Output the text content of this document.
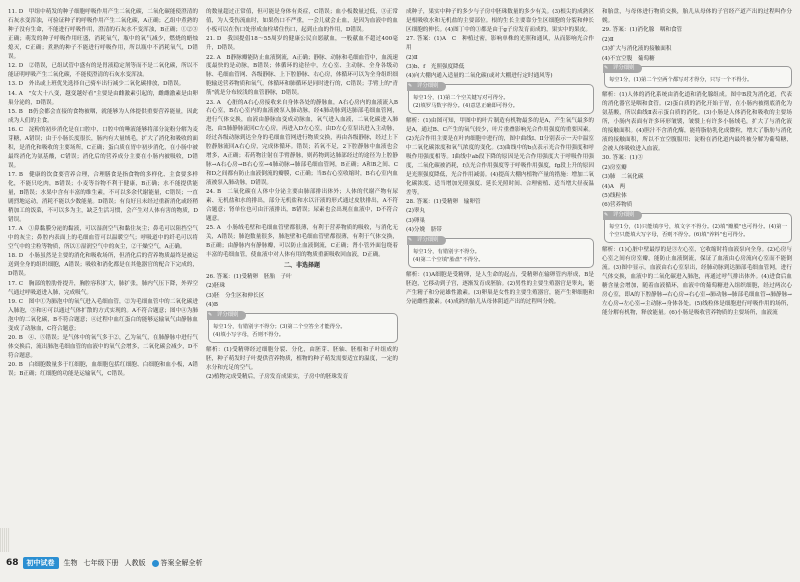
11. D　甲组中萌发的种子细胞呼吸作用产生二氧化碳，二氧化碳能使澄清的石灰水变浑浊，可验证种子的呼吸作用产生二氧化碳，A正确；乙组中煮熟的种子没有生命，不能进行呼吸作用，澄清的石灰水不变浑浊，B正确；①②③正确；萌发的种子呼吸作用旺盛，消耗氧气，瓶中的氧气减少，燃烧的蜡烛熄灭，C正确；煮熟的种子不能进行呼吸作用，所以瓶中不消耗氧气，D错误。

12. D　②错误，已组试管中盛有的是胃液稳定剂等而不是二氧化碳，所以不能证明呼吸产生二氧化碳，不能使澄清的石灰水变浑浊。

13. D　外出或上班优先选择自己骑车出行减少二氧化碳排放，D错误。

14. A　"女大十八变，越变越好看"主要是由雌激素引起的，雌雌激素是由卵巢分泌的，D错误。

15. B　B仍会都会直接的食物被咽，就能够为人体提供重要营养能量，因此成为人们的主食。

16. C　淀粉的初步消化是在口腔中，口腔中的唾液能够将部分淀粉分解为麦芽糖，A错误；由于小肠长度很长，肠内有大量绒毛，扩大了消化和吸收的面积，是消化和吸收的主要场所，C正确；蛋白质在胃中初步消化，在小肠中被最终消化为氨基酸，C错误；消化后的营养成分主要在小肠内被吸收，D错误。

17. B　健康的饮食要营养合理，合理膳食是指食物的多样化、主食要多样化，不能只吃肉，B错误；小麦等谷物不利于健康，B正确；水不能提供能量，B错误；水果中含有丰富的维生素，不可以多余代谢能量，C错误；一直剧烈地运动，消耗不能以少数能量。D错误；有良好且未经过重新消化或经稍稍加工的饭菜，不可以多为主，缺乏生活习惯，会产生对人体有害的物质，D错误。

17. A　①鼻黏膜分泌的黏液，可以湿润空气和黏住灰尘；鼻毛可以阻挡空气中的灰尘；鼻腔内表面上的毛细血管可以温暖空气；呼吸道中的纤毛可以将空气中的尘粒等物质，所以①湿润空气中的灰尘，②干燥空气，A正确。

18. D　小肠虽然是主要的消化和吸收场所，但消化后的营养物质最终是被运送到全身的组织细胞，A错误；吸收和消化都是在其他器官的配合下完成的，D错误。

17. C　胸部的腔肋骨提升，胸腔容积扩大，肺扩张，肺内气压下降，外界空气通过呼吸道进入肺，完成吸气。

19. C　图中①为肺泡中的氧气进入毛细血管，②为毛细血管中的二氧化碳进入肺泡，③和④可以通过气体扩散的方式实现的。A不符合题意；图中④为肺泡中的二氧化碳，B不符合题意；④过程中血红蛋白的能够运输氧气由静脉血变成了动脉血，C符合题意；

20. B　④、⑤错误；是气体中的氧气多于②，乙为氧气，在肺静脉中进行气体交换后，流出肺泡毛细血管的血液中的氧气会增多，二氧化碳会减少，D不符合题意。

20. B　白细胞数量多于红细胞，血细胞包括红细胞、白细胞和血小板，A错误；B正确；红细胞的功能是运输氧气，C错误。

的数量超过正常值，但可能是身体有炎症，C错误；血小板数量过低，③正常值，为人受伤流血时，如果伤口不严重，一会儿就会止血，是因为血液中的血小板可以在伤口处形成血栓堵住伤口，起到止血的作用，D错误。

21. D　我国提倡18～55周岁的健康公民自愿献血，一般献血不超过400毫升，D错误。

22. A　B静脉瓣能防止血液倒流，A正确；静脉、动脉和毛细血管中，血流速度最快的是动脉，B错误；体循环的途径中，左心室、主动脉、全身各级动脉、毛细血管网、各级静脉、上下腔静脉、右心房，体循环可以为全身组织细胞输送营养物质和氧气，体循环和肺循环是同时进行的，C错误；手臂上的"青筋"就是分布较浅的血管静脉，D错误。

23. A　心脏的A右心房接收来自身体各处的静脉血，A右心房内的血液流入B右心室，B右心室内的血液被泵入肺动脉，经4肺动脉到达肺部毛细血管网，进行气体交换，血液由静脉血变成动脉血，氧气进入血液，二氧化碳进入肺泡，由5肺静脉流回C左心房，再进入D左心室，由D左心室泵出进入主动脉，经过各级动脉到达全身的毛细血管网进行物质交换，再由各级静脉，经过上下腔静脉流回A右心房，完成体循环。错误；若氧不足，2下腔静脉中血液也会增多，A正确；若药物注射在手臂静脉，则药物到达肺部经过的途径为上腔静脉→A右心房→B右心室→4肺动脉→肺部毛细血管网，B正确；A和B之间、C和D之间都有防止血液倒流的瓣膜，C正确；当B右心室收缩时，B右心室内血液被泵入肺动脉，D错误。

24. B　二氧化碳在人体中分泌主要由肺部排出体外；人体的代谢产物有尿素、无机盐和水的排出，部分无机盐和水以汗液的形式通过皮肤排出，A不符合题意；肾单位也可由汗液排出，B错误；尿素也会出现在血液中，D不符合题意。

25. A　小肠绒毛壁和毛细血管壁都很薄，有利于营养物质的吸收，与消化无关，A错误；肺泡数量很多，肺泡壁和毛细血管壁都很薄，有利于气体交换，B正确；由静脉内有静脉瓣，可以防止血液倒流，C正确；肾小管外面包绕着丰富的毛细血管，使血液中对人体有用的物质重新吸收回血液，D正确。

二、非选择题

26. 答案：(1)受精卵　胚胎　子叶

(2)胚珠

(3)胚　分生区和伸长区

(4)B

✎ 评分细则
每空1分，有错别字不得分；(3)第二个空答全才能得分。
(4)填小写字母，否则不得分。

解析：(1)受精卵经过细胞分裂、分化，由胚芽、胚轴、胚根和子叶组成的胚，种子萌发时子叶提供营养物质，植物的种子萌发需要适宜的温度，一定的水分和充足的空气。

(2)植物完成受精后，子房发育成果实，子房中的胚珠发育

成种子，果实中种子的多少与子房中胚珠数量的多少有关。(3)根尖的成熟区是根吸收水和无机盐的主要部位。根的生长主要靠分生区细胞的分裂和伸长区细胞的伸长。(4)图丁中的①都是由于g子房发育而成的，果实中的果皮。

27. 答案：(1)A　C　种植过密，影响单株的光照和通风，从而影响光合作用

(2)Ⅱ

(3)b、f　光照强度降低

(4)向大棚内通入适量的二氧化碳(或对大棚进行定时通风等)

✎ 评分细则
每空1分，(1)第二个空关键写对可得分。
(2)填罗马数字得分。(4)意思正确即可得分。

解析：(1)由图可知，甲图中的叶片制造有机物最多的是A，产生氧气最多的是A，通过B、C产生的氧气较少，叶片重叠影响光合作用强度的重要因素。(2)光合作用主要是在叶肉细胞中进行的，图中曲线Ⅰ、Ⅱ分别表示一天中温室中二氧化碳浓度和氧气浓度的变化。(3)曲线中的b点表示光合作用强度和呼吸作用强度相等。Ⅰ曲线中ab段下降的原因是光合作用强度大于呼吸作用强度，二氧化碳被消耗，f点光合作用强度等于呼吸作用强度，fg段上升的原因是光照强度降低，光合作用减弱。(4)提高大棚内植物产量的措施：增加二氧化碳浓度、适当增加光照强度、延长光照时间、合理密植、适当增大昼夜温差等。

28. 答案：(1)受精卵　输卵管

(2)睾丸

(3)卵巢

(4)分娩　脐带

✎ 评分细则
每空1分，有错别字不得分。
(4)第二个空填"胎盘"不得分。

解析：(1)A细胞是受精卵，是人生命的起点，受精卵在输卵管内形成，B是胚泡，它移动到子宫，逐渐发育成胚胎。(2)男性的主要生殖器官是睾丸，能产生精子和分泌雄性激素。(3)卵巢是女性的主要生殖器官，能产生卵细胞和分泌雌性激素。(4)成熟的胎儿从母体阴道产出的过程叫分娩。

和胎盘，与母体进行物质交换，胎儿从母体的子宫经产道产出的过程叫作分娩。

29. 答案：(1)消化腺　咽和食管

(2)Ⅱ

(3)扩大与消化液的接触面积

(4)不宜空腹　葡萄糖

✎ 评分细则
每空1分，(1)第二个空两个都写对才得分，只写一个不得分。

解析：(1)人体的消化系统由消化道和消化腺组成。图中B段为消化道，代表的消化器官是咽和食管。(2)蛋白质的消化开始于胃，在小肠内被彻底消化为氨基酸，所以曲线Ⅱ表示蛋白质的消化。(3)小肠是人体消化和吸收的主要场所，小肠内表面有许多环形皱襞，皱襞上有许多小肠绒毛，扩大了与消化液的接触面积。(4)胆汁不含消化酶，能将脂肪乳化成微粒，增大了脂肪与消化液的接触面积，所以不宜空腹服用；淀粉在消化道内最终被分解为葡萄糖，会被人体吸收进入血液。

30. 答案：(1)③

(2)房室瓣

(3)肺　二氧化碳

(4)A　两

(5)线粒体

(6)营养物质

✎ 评分细则
每空1分，(1)只能填序号，填文字不得分。(2)填"瓣膜"也可得分。(4)第一个空只能填大写字母，否则不得分。(6)填"养料"也可得分。

解析：(1)心脏中壁最厚的是③左心室，它收缩时将血液泵向全身。(2)心房与心室之间有房室瓣，能防止血液倒流，保证了血液由心房流向心室而不能倒流。(3)图中显示，血液由右心室泵出，经肺动脉到达肺部毛细血管网，进行气体交换，血液中的二氧化碳进入肺泡，再通过呼气排出体外。(4)进食后血糖含量会增加，随着血液循环，血液中的葡萄糖进入组织细胞，经过两次心房心室，即A的下腔静脉→右心房→右心室→肺动脉→肺部毛细血管→肺静脉→左心房→左心室→主动脉→身体各处。(5)线粒体是细胞进行呼吸作用的场所，能分解有机物，释放能量。(6)小肠是吸收营养物质的主要场所，血液流

68	初中试卷	生物 七年级下册 人教版 答案全解全析
